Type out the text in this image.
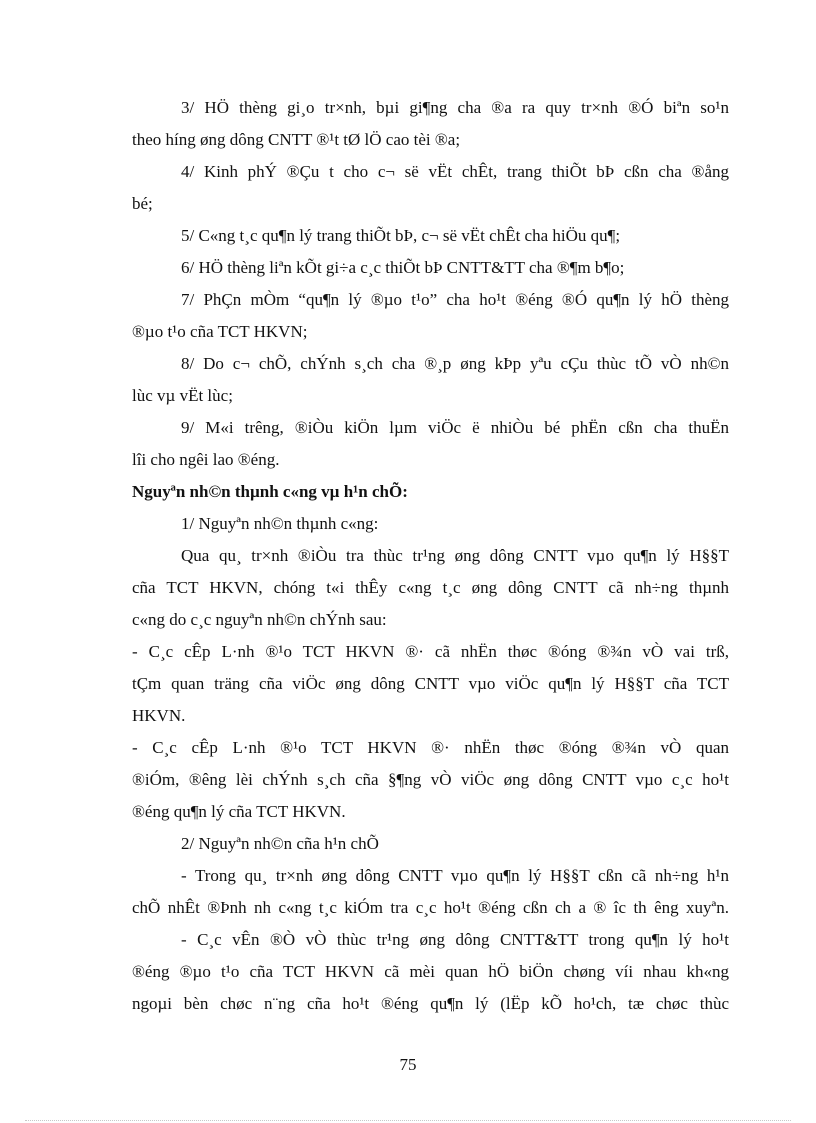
3/ HÖ thèng gi¸o tr×nh, bµi gi¶ng cha ®a ra quy tr×nh ®Ó biªn so¹n
theo híng øng dông CNTT ®¹t tØ lÖ cao tèi ®a;
4/ Kinh phÝ ®Çu t cho c¬ së vËt chÊt, trang thiÕt bÞ cßn cha ®ång
bé;
5/ C«ng t¸c qu¶n lý trang thiÕt bÞ, c¬ së vËt chÊt cha hiÖu qu¶;
6/ HÖ thèng liªn kÕt gi÷a c¸c thiÕt bÞ CNTT&TT cha ®¶m b¶o;
7/ PhÇn mÒm “qu¶n lý ®µo t¹o” cha ho¹t ®éng ®Ó qu¶n lý hÖ thèng
®µo t¹o cña TCT HKVN;
8/ Do c¬ chÕ, chÝnh s¸ch cha ®¸p øng kÞp yªu cÇu thùc tÕ vÒ nh©n
lùc vµ vËt lùc;
9/ M«i trêng, ®iÒu kiÖn lµm viÖc ë nhiÒu bé phËn cßn cha thuËn
lîi cho ngêi lao ®éng.
Nguyªn nh©n thµnh c«ng vµ h¹n chÕ:
1/ Nguyªn nh©n thµnh c«ng:
Qua qu¸ tr×nh ®iÒu tra thùc tr¹ng øng dông CNTT vµo qu¶n lý H§§T
cña TCT HKVN, chóng t«i thÊy c«ng t¸c øng dông CNTT cã nh÷ng thµnh
c«ng do c¸c nguyªn nh©n chÝnh sau:
- C¸c cÊp L·nh ®¹o TCT HKVN ®· cã nhËn thøc ®óng ®¾n vÒ vai trß,
tÇm quan träng cña viÖc øng dông CNTT vµo viÖc qu¶n lý H§§T cña TCT
HKVN.
- C¸c cÊp L·nh ®¹o TCT HKVN ®· nhËn thøc ®óng ®¾n vÒ quan
®iÓm, ®êng lèi chÝnh s¸ch cña §¶ng vÒ viÖc øng dông CNTT vµo c¸c ho¹t
®éng qu¶n lý cña TCT HKVN.
2/ Nguyªn nh©n cña h¹n chÕ
- Trong qu¸ tr×nh øng dông CNTT vµo qu¶n lý H§§T cßn cã nh÷ng h¹n
chÕ nhÊt ®Þnh nh c«ng t¸c kiÓm tra c¸c ho¹t ®éng cßn ch a ® îc th êng xuyªn.
- C¸c vÊn ®Ò vÒ thùc tr¹ng øng dông CNTT&TT trong qu¶n lý ho¹t
®éng ®µo t¹o cña TCT HKVN cã mèi quan hÖ biÖn chøng víi nhau kh«ng
ngoµi bèn chøc n¨ng cña ho¹t ®éng qu¶n lý (lËp kÕ ho¹ch, tæ chøc thùc
75
